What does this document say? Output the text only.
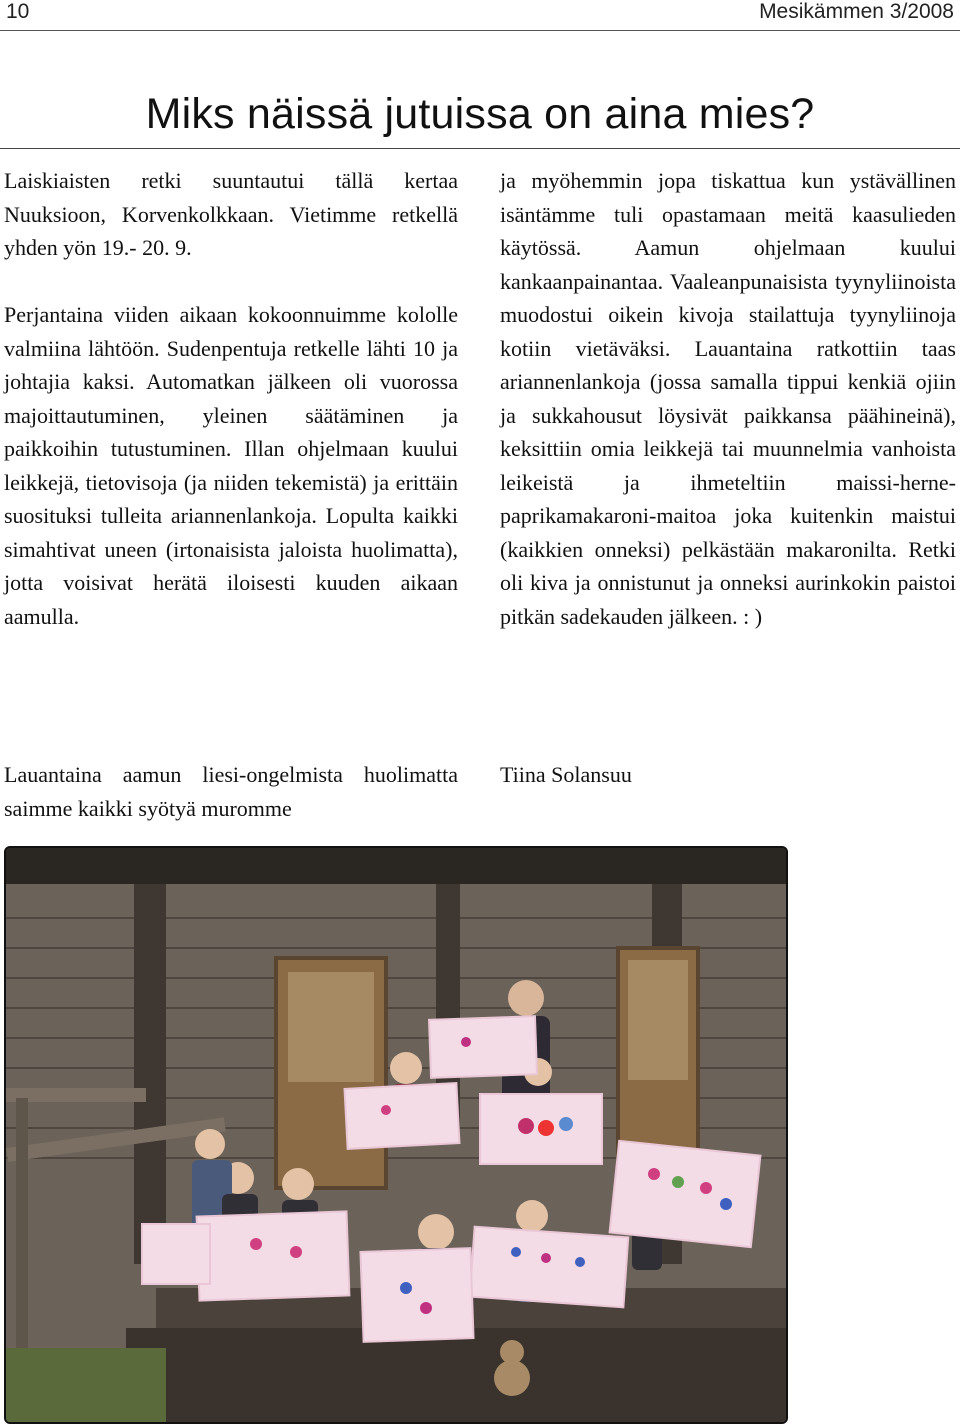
10	Mesikämmen 3/2008
Miks näissä jutuissa on aina mies?

Laiskiaisten retki suuntautui tällä kertaa Nuuksioon, Korvenkolkkaan. Vietimme retkellä yhden yön 19.- 20. 9.

Perjantaina viiden aikaan kokoonnuimme kololle valmiina lähtöön. Sudenpentuja retkelle lähti 10 ja johtajia kaksi. Automatkan jälkeen oli vuorossa majoittautuminen, yleinen säätäminen ja paikkoihin tutustuminen. Illan ohjelmaan kuului leikkejä, tietovisoja (ja niiden tekemistä) ja erittäin suosituksi tulleita ariannenlankoja. Lopulta kaikki simahtivat uneen (irtonaisista jaloista huolimatta), jotta voisivat herätä iloisesti kuuden aikaan aamulla.

ja myöhemmin jopa tiskattua kun ystävällinen isäntämme tuli opastamaan meitä kaasulieden käytössä. Aamun ohjelmaan kuului kankaanpainantaa. Vaaleanpunaisista tyynyliinoista muodostui oikein kivoja stailattuja tyynyliinoja kotiin vietäväksi. Lauantaina ratkottiin taas ariannenlankoja (jossa samalla tippui kenkiä ojiin ja sukkahousut löysivät paikkansa päähineinä), keksittiin omia leikkejä tai muunnelmia vanhoista leikeistä ja ihmeteltiin maissi-herne-paprikamakaroni-maitoa joka kuitenkin maistui (kaikkien onneksi) pelkästään makaronilta. Retki oli kiva ja onnistunut ja onneksi aurinkokin paistoi pitkän sadekauden jälkeen. : )

Lauantaina aamun liesi-ongelmista huolimatta saimme kaikki syötyä muromme

Tiina Solansuu
